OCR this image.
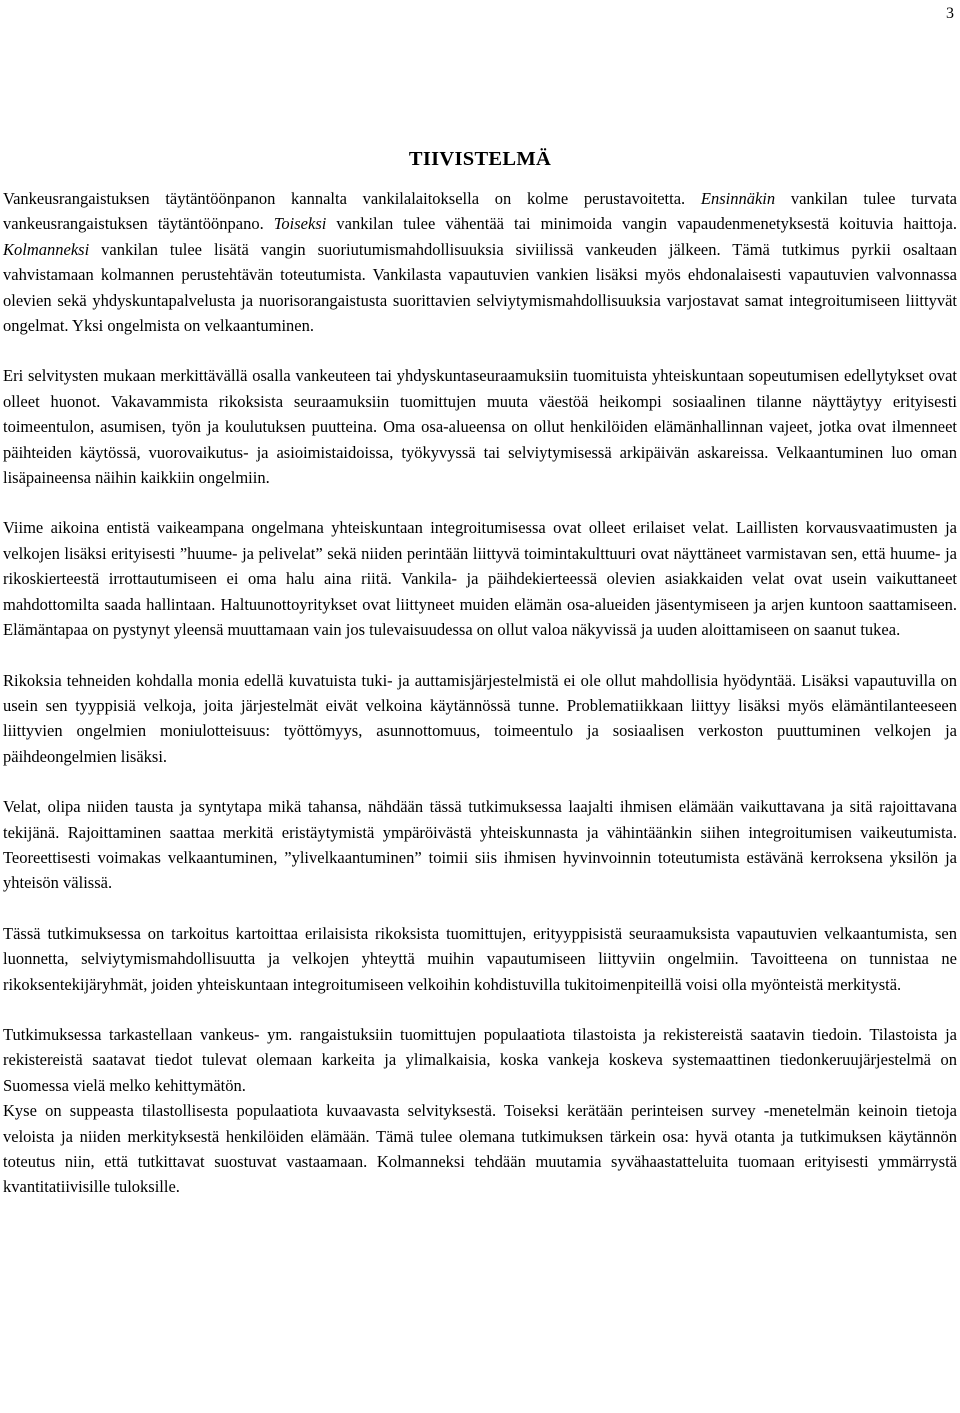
3
TIIVISTELMÄ

Vankeusrangaistuksen täytäntöönpanon kannalta vankilalaitoksella on kolme perustavoitetta. Ensinnäkin vankilan tulee turvata vankeusrangaistuksen täytäntöönpano. Toiseksi vankilan tulee vähentää tai minimoida vangin vapaudenmenetyksestä koituvia haittoja. Kolmanneksi vankilan tulee lisätä vangin suoriutumismahdollisuuksia siviilissä vankeuden jälkeen. Tämä tutkimus pyrkii osaltaan vahvistamaan kolmannen perustehtävän toteutumista. Vankilasta vapautuvien vankien lisäksi myös ehdonalaisesti vapautuvien valvonnassa olevien sekä yhdyskuntapalvelusta ja nuorisorangaistusta suorittavien selviytymismahdollisuuksia varjostavat samat integroitumiseen liittyvät ongelmat. Yksi ongelmista on velkaantuminen.

Eri selvitysten mukaan merkittävällä osalla vankeuteen tai yhdyskuntaseuraamuksiin tuomituista yhteiskuntaan sopeutumisen edellytykset ovat olleet huonot. Vakavammista rikoksista seuraamuksiin tuomittujen muuta väestöä heikompi sosiaalinen tilanne näyttäytyy erityisesti toimeentulon, asumisen, työn ja koulutuksen puutteina. Oma osa-alueensa on ollut henkilöiden elämänhallinnan vajeet, jotka ovat ilmenneet päihteiden käytössä, vuorovaikutus- ja asioimistaidoissa, työkyvyssä tai selviytymisessä arkipäivän askareissa. Velkaantuminen luo oman lisäpaineensa näihin kaikkiin ongelmiin.

Viime aikoina entistä vaikeampana ongelmana yhteiskuntaan integroitumisessa ovat olleet erilaiset velat. Laillisten korvausvaatimusten ja velkojen lisäksi erityisesti ”huume- ja pelivelat” sekä niiden perintään liittyvä toimintakulttuuri ovat näyttäneet varmistavan sen, että huume- ja rikoskierteestä irrottautumiseen ei oma halu aina riitä. Vankila- ja päihdekierteessä olevien asiakkaiden velat ovat usein vaikuttaneet mahdottomilta saada hallintaan. Haltuunottoyritykset ovat liittyneet muiden elämän osa-alueiden jäsentymiseen ja arjen kuntoon saattamiseen. Elämäntapaa on pystynyt yleensä muuttamaan vain jos tulevaisuudessa on ollut valoa näkyvissä ja uuden aloittamiseen on saanut tukea.

Rikoksia tehneiden kohdalla monia edellä kuvatuista tuki- ja auttamisjärjestelmistä ei ole ollut mahdollisia hyödyntää. Lisäksi vapautuvilla on usein sen tyyppisiä velkoja, joita järjestelmät eivät velkoina käytännössä tunne. Problematiikkaan liittyy lisäksi myös elämäntilanteeseen liittyvien ongelmien moniulotteisuus: työttömyys, asunnottomuus, toimeentulo ja sosiaalisen verkoston puuttuminen velkojen ja päihdeongelmien lisäksi.

Velat, olipa niiden tausta ja syntytapa mikä tahansa, nähdään tässä tutkimuksessa laajalti ihmisen elämään vaikuttavana ja sitä rajoittavana tekijänä. Rajoittaminen saattaa merkitä eristäytymistä ympäröivästä yhteiskunnasta ja vähintäänkin siihen integroitumisen vaikeutumista. Teoreettisesti voimakas velkaantuminen, ”ylivelkaantuminen” toimii siis ihmisen hyvinvoinnin toteutumista estävänä kerroksena yksilön ja yhteisön välissä.

Tässä tutkimuksessa on tarkoitus kartoittaa erilaisista rikoksista tuomittujen, erityyppisistä seuraamuksista vapautuvien velkaantumista, sen luonnetta, selviytymismahdollisuutta ja velkojen yhteyttä muihin vapautumiseen liittyviin ongelmiin. Tavoitteena on tunnistaa ne rikoksentekijäryhmät, joiden yhteiskuntaan integroitumiseen velkoihin kohdistuvilla tukitoimenpiteillä voisi olla myönteistä merkitystä.

Tutkimuksessa tarkastellaan vankeus- ym. rangaistuksiin tuomittujen populaatiota tilastoista ja rekistereistä saatavin tiedoin. Tilastoista ja rekistereistä saatavat tiedot tulevat olemaan karkeita ja ylimalkaisia, koska vankeja koskeva systemaattinen tiedonkeruujärjestelmä on Suomessa vielä melko kehittymätön.

Kyse on suppeasta tilastollisesta populaatiota kuvaavasta selvityksestä. Toiseksi kerätään perinteisen survey -menetelmän keinoin tietoja veloista ja niiden merkityksestä henkilöiden elämään. Tämä tulee olemana tutkimuksen tärkein osa: hyvä otanta ja tutkimuksen käytännön toteutus niin, että tutkittavat suostuvat vastaamaan. Kolmanneksi tehdään muutamia syvähaastatteluita tuomaan erityisesti ymmärrystä kvantitatiivisille tuloksille.
